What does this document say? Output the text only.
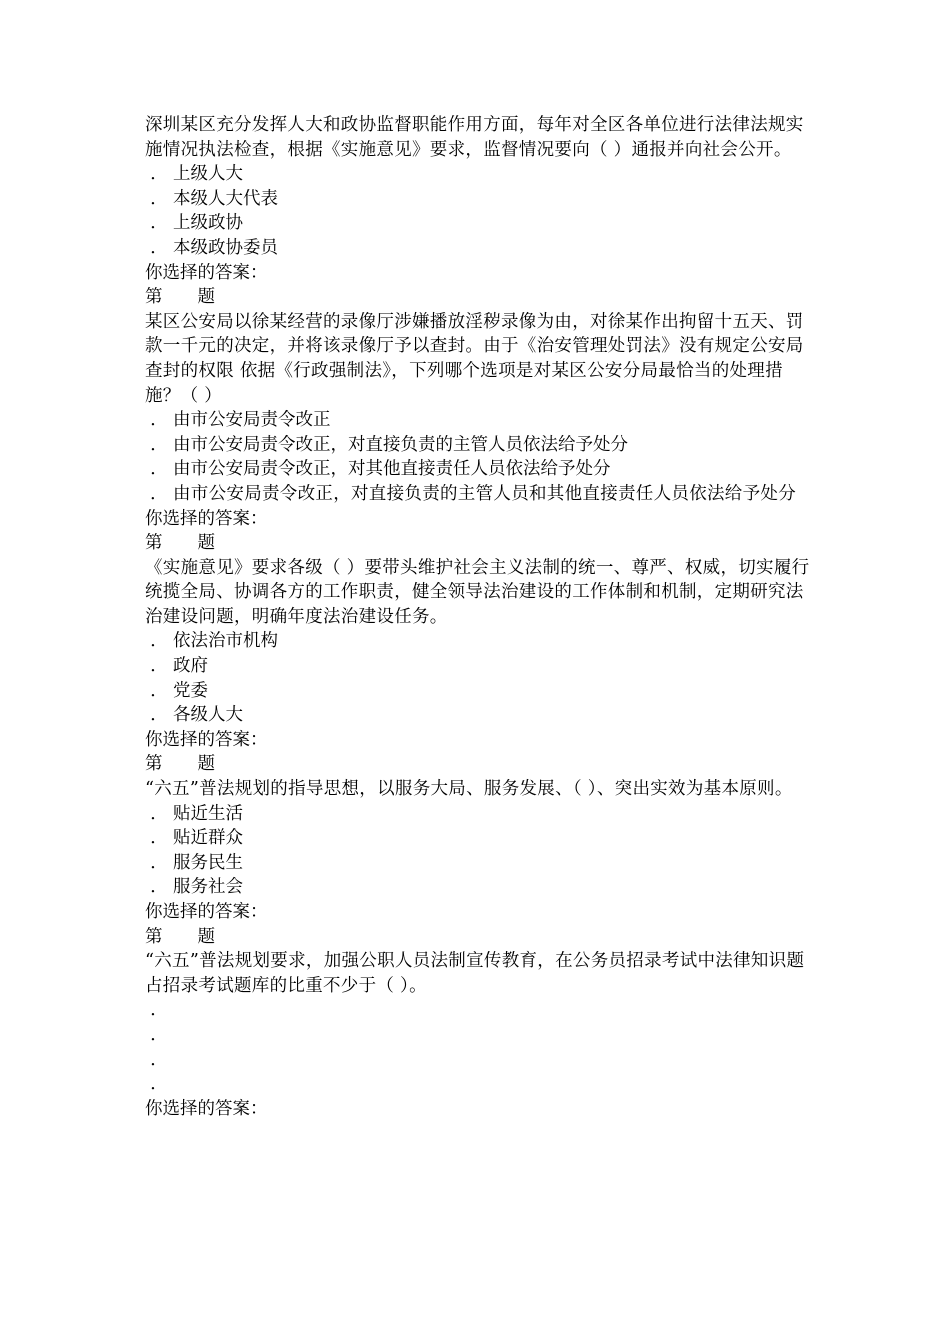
深圳某区充分发挥人大和政协监督职能作用方面，每年对全区各单位进行法律法规实施情况执法检查，根据《实施意见》要求，监督情况要向（ ）通报并向社会公开。
． 上级人大
． 本级人大代表
． 上级政协
． 本级政协委员
你选择的答案：
第　　题
某区公安局以徐某经营的录像厅涉嫌播放淫秽录像为由，对徐某作出拘留十五天、罚款一千元的决定，并将该录像厅予以查封。由于《治安管理处罚法》没有规定公安局查封的权限 依据《行政强制法》，下列哪个选项是对某区公安分局最恰当的处理措施？（ ）
． 由市公安局责令改正
． 由市公安局责令改正，对直接负责的主管人员依法给予处分
． 由市公安局责令改正，对其他直接责任人员依法给予处分
． 由市公安局责令改正，对直接负责的主管人员和其他直接责任人员依法给予处分
你选择的答案：
第　　题
《实施意见》要求各级（ ）要带头维护社会主义法制的统一、尊严、权威，切实履行统揽全局、协调各方的工作职责，健全领导法治建设的工作体制和机制，定期研究法治建设问题，明确年度法治建设任务。
． 依法治市机构
． 政府
． 党委
． 各级人大
你选择的答案：
第　　题
“六五”普法规划的指导思想，以服务大局、服务发展、（ ）、突出实效为基本原则。
． 贴近生活
． 贴近群众
． 服务民生
． 服务社会
你选择的答案：
第　　题
“六五”普法规划要求，加强公职人员法制宣传教育，在公务员招录考试中法律知识题占招录考试题库的比重不少于（ ）。
．
．
．
．
你选择的答案：
